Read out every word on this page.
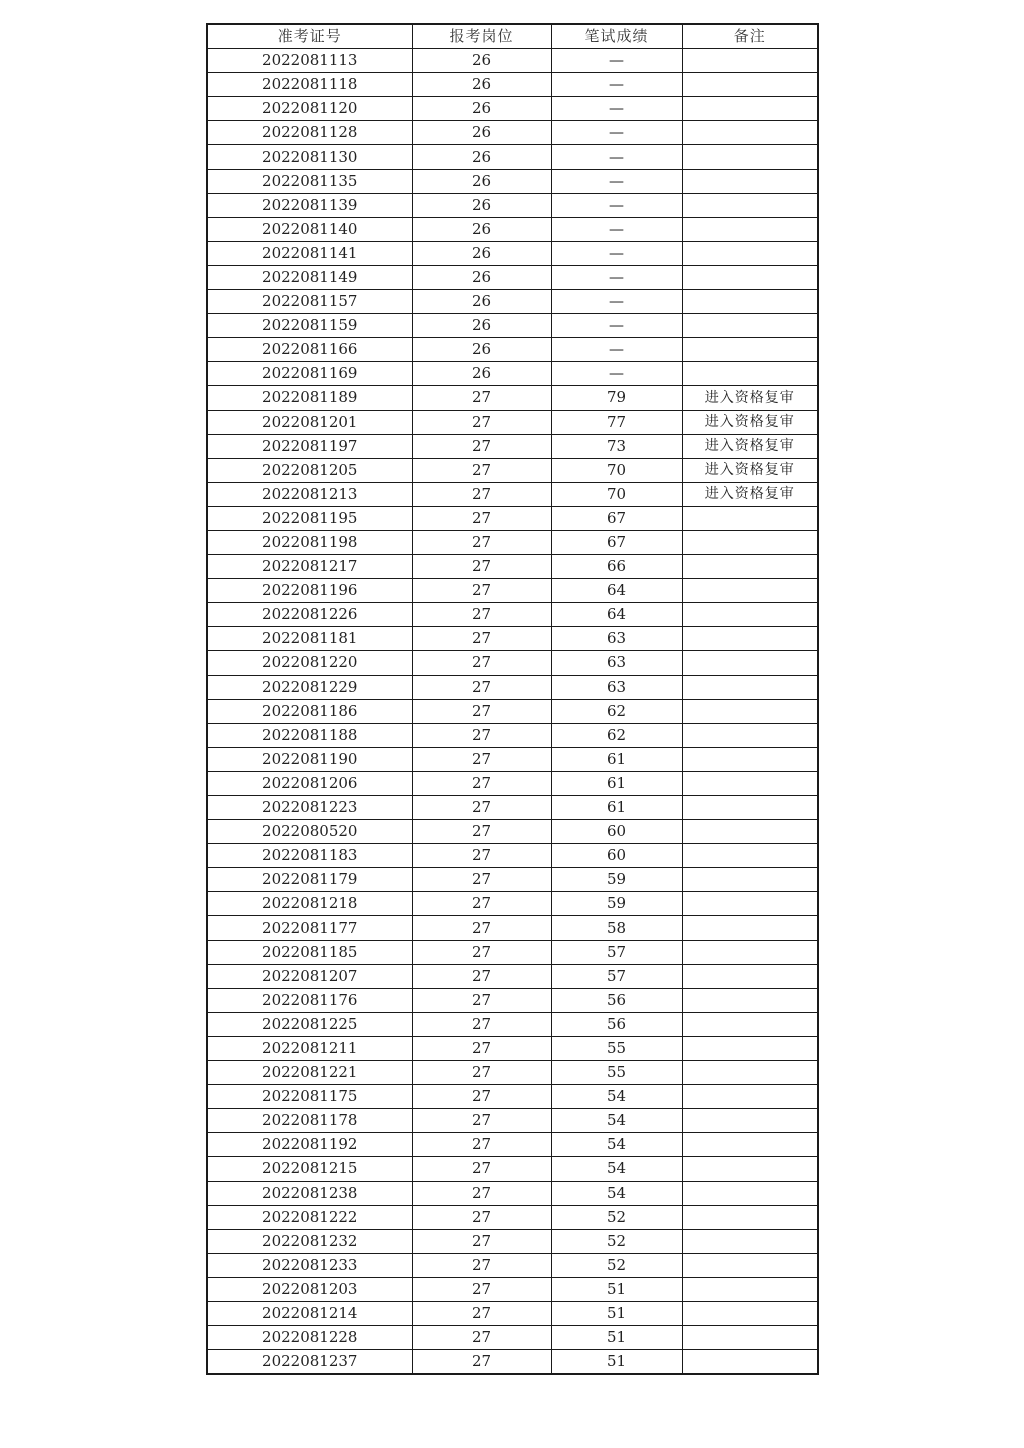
准考证号	报考岗位	笔试成绩	备注
2022081113	26	—	
2022081118	26	—	
2022081120	26	—	
2022081128	26	—	
2022081130	26	—	
2022081135	26	—	
2022081139	26	—	
2022081140	26	—	
2022081141	26	—	
2022081149	26	—	
2022081157	26	—	
2022081159	26	—	
2022081166	26	—	
2022081169	26	—	
2022081189	27	79	进入资格复审
2022081201	27	77	进入资格复审
2022081197	27	73	进入资格复审
2022081205	27	70	进入资格复审
2022081213	27	70	进入资格复审
2022081195	27	67	
2022081198	27	67	
2022081217	27	66	
2022081196	27	64	
2022081226	27	64	
2022081181	27	63	
2022081220	27	63	
2022081229	27	63	
2022081186	27	62	
2022081188	27	62	
2022081190	27	61	
2022081206	27	61	
2022081223	27	61	
2022080520	27	60	
2022081183	27	60	
2022081179	27	59	
2022081218	27	59	
2022081177	27	58	
2022081185	27	57	
2022081207	27	57	
2022081176	27	56	
2022081225	27	56	
2022081211	27	55	
2022081221	27	55	
2022081175	27	54	
2022081178	27	54	
2022081192	27	54	
2022081215	27	54	
2022081238	27	54	
2022081222	27	52	
2022081232	27	52	
2022081233	27	52	
2022081203	27	51	
2022081214	27	51	
2022081228	27	51	
2022081237	27	51	
